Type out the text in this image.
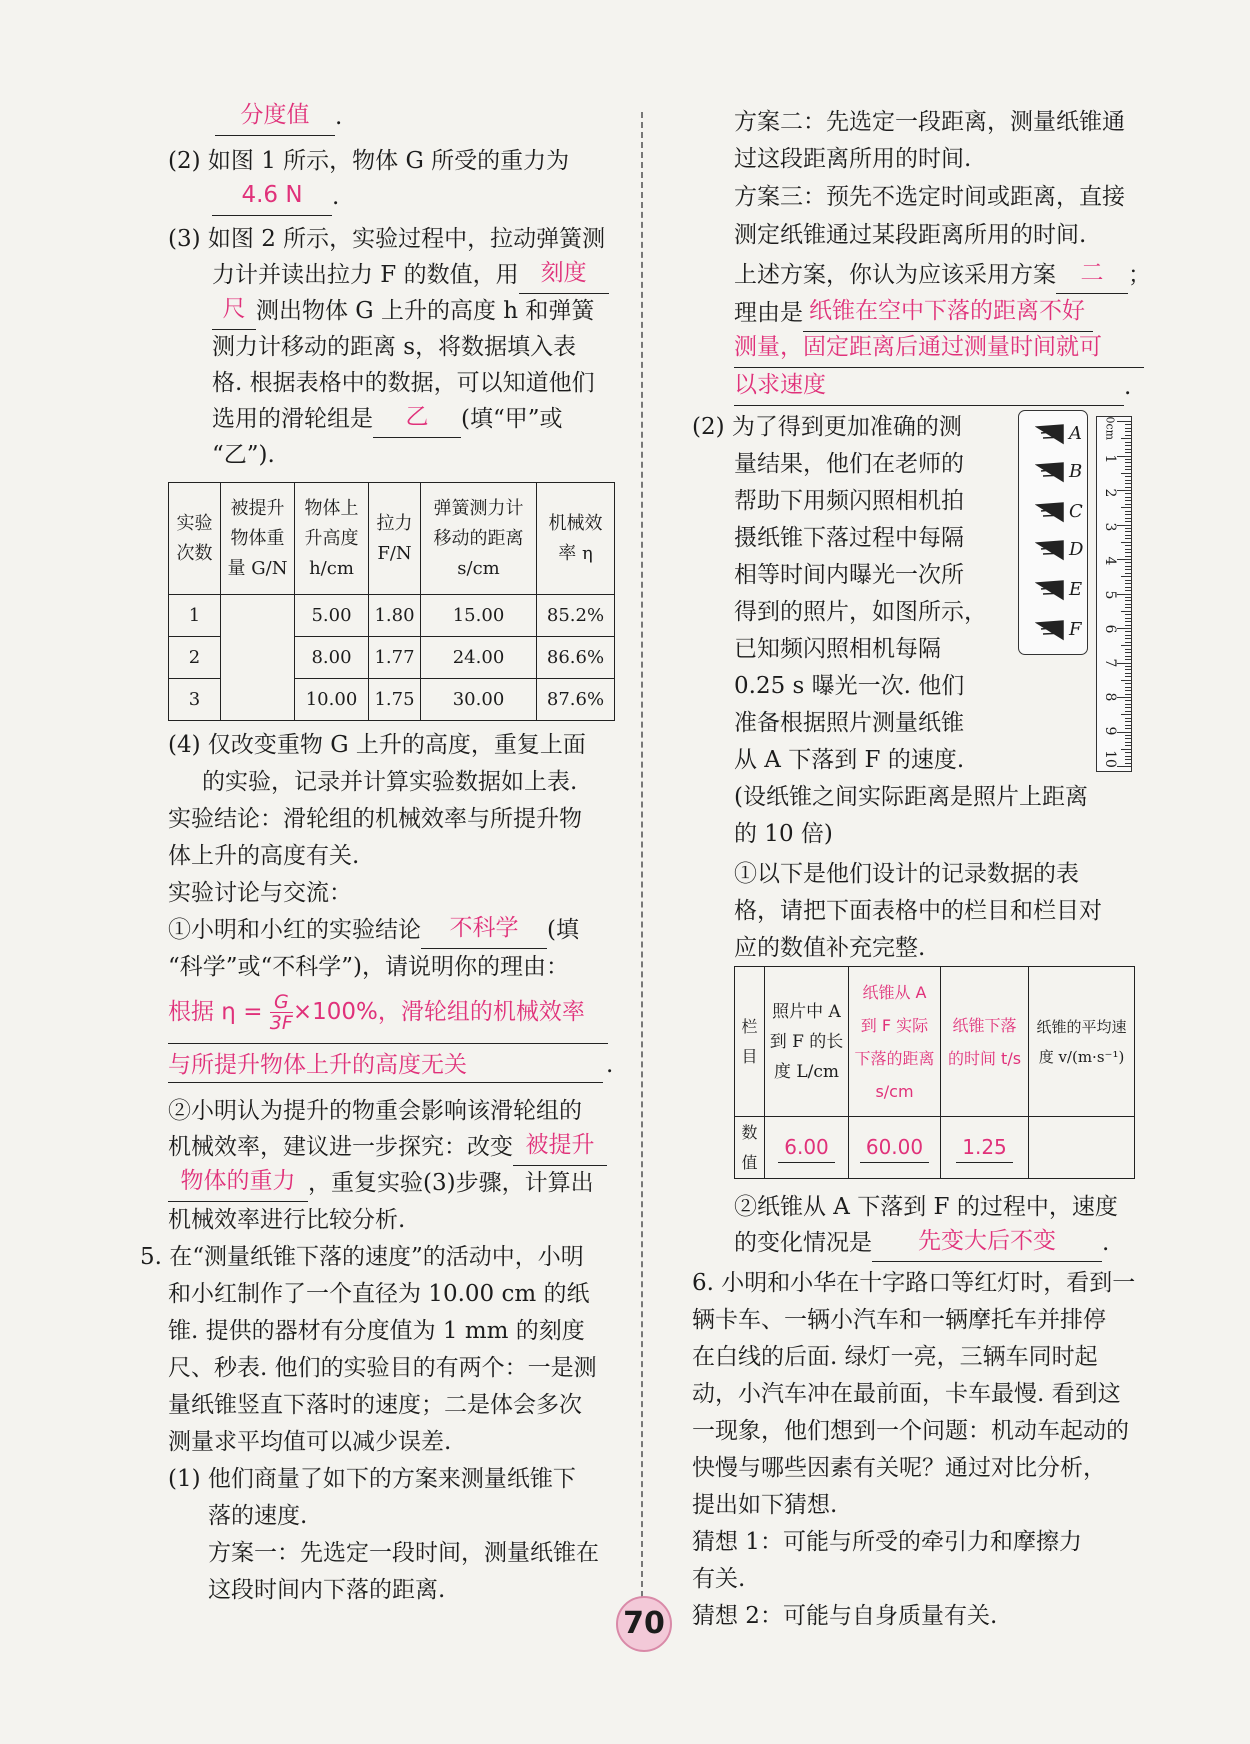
分度值 .
(2) 如图 1 所示，物体 G 所受的重力为
4.6 N .
(3) 如图 2 所示，实验过程中，拉动弹簧测
力计并读出拉力 F 的数值，用 刻度
尺 测出物体 G 上升的高度 h 和弹簧
测力计移动的距离 s，将数据填入表
格. 根据表格中的数据，可以知道他们
选用的滑轮组是 乙 (填“甲”或
“乙”).
实验次数	被提升物体重量 G/N	物体上升高度 h/cm	拉力 F/N	弹簧测力计移动的距离 s/cm	机械效率 η
1		5.00	1.80	15.00	85.2%
2		8.00	1.77	24.00	86.6%
3		10.00	1.75	30.00	87.6%
(4) 仅改变重物 G 上升的高度，重复上面
的实验，记录并计算实验数据如上表.
实验结论：滑轮组的机械效率与所提升物
体上升的高度有关.
实验讨论与交流：
①小明和小红的实验结论 不科学 (填
“科学”或“不科学”)，请说明你的理由：
根据 $\eta = \frac{G}{3F} \times 100\%$，滑轮组的机械效率
与所提升物体上升的高度无关	.
②小明认为提升的物重会影响该滑轮组的
机械效率，建议进一步探究：改变 被提升
物体的重力 ，重复实验(3)步骤，计算出
机械效率进行比较分析.
5. 在“测量纸锥下落的速度”的活动中，小明
和小红制作了一个直径为 10.00 cm 的纸
锥. 提供的器材有分度值为 1 mm 的刻度
尺、秒表. 他们的实验目的有两个：一是测
量纸锥竖直下落时的速度；二是体会多次
测量求平均值可以减少误差.
(1) 他们商量了如下的方案来测量纸锥下
落的速度.
方案一：先选定一段时间，测量纸锥在
这段时间内下落的距离.
方案二：先选定一段距离，测量纸锥通
过这段距离所用的时间.
方案三：预先不选定时间或距离，直接
测定纸锥通过某段距离所用的时间.
上述方案，你认为应该采用方案 二 ；
理由是 纸锥在空中下落的距离不好
测量，固定距离后通过测量时间就可
以求速度	.
(2) 为了得到更加准确的测
量结果，他们在老师的
帮助下用频闪照相机拍
摄纸锥下落过程中每隔
相等时间内曝光一次所
得到的照片，如图所示，
已知频闪照相机每隔
0.25 s 曝光一次. 他们
准备根据照片测量纸锥
从 A 下落到 F 的速度.
(设纸锥之间实际距离是照片上距离
的 10 倍)
①以下是他们设计的记录数据的表
格，请把下面表格中的栏目和栏目对
应的数值补充完整.
A
B
C
D
E
F
0cm
1
2
3
4
5
6
7
8
9
10
栏目	照片中 A 到 F 的长度 L/cm	纸锥从 A 到 F 实际下落的距离 s/cm	纸锥下落的时间 t/s	纸锥的平均速度 v/(m·s⁻¹)
数值	6.00	60.00	1.25	
②纸锥从 A 下落到 F 的过程中，速度
的变化情况是 先变大后不变 .
6. 小明和小华在十字路口等红灯时，看到一
辆卡车、一辆小汽车和一辆摩托车并排停
在白线的后面. 绿灯一亮，三辆车同时起
动，小汽车冲在最前面，卡车最慢. 看到这
一现象，他们想到一个问题：机动车起动的
快慢与哪些因素有关呢？通过对比分析，
提出如下猜想.
猜想 1：可能与所受的牵引力和摩擦力
有关.
猜想 2：可能与自身质量有关.
70
